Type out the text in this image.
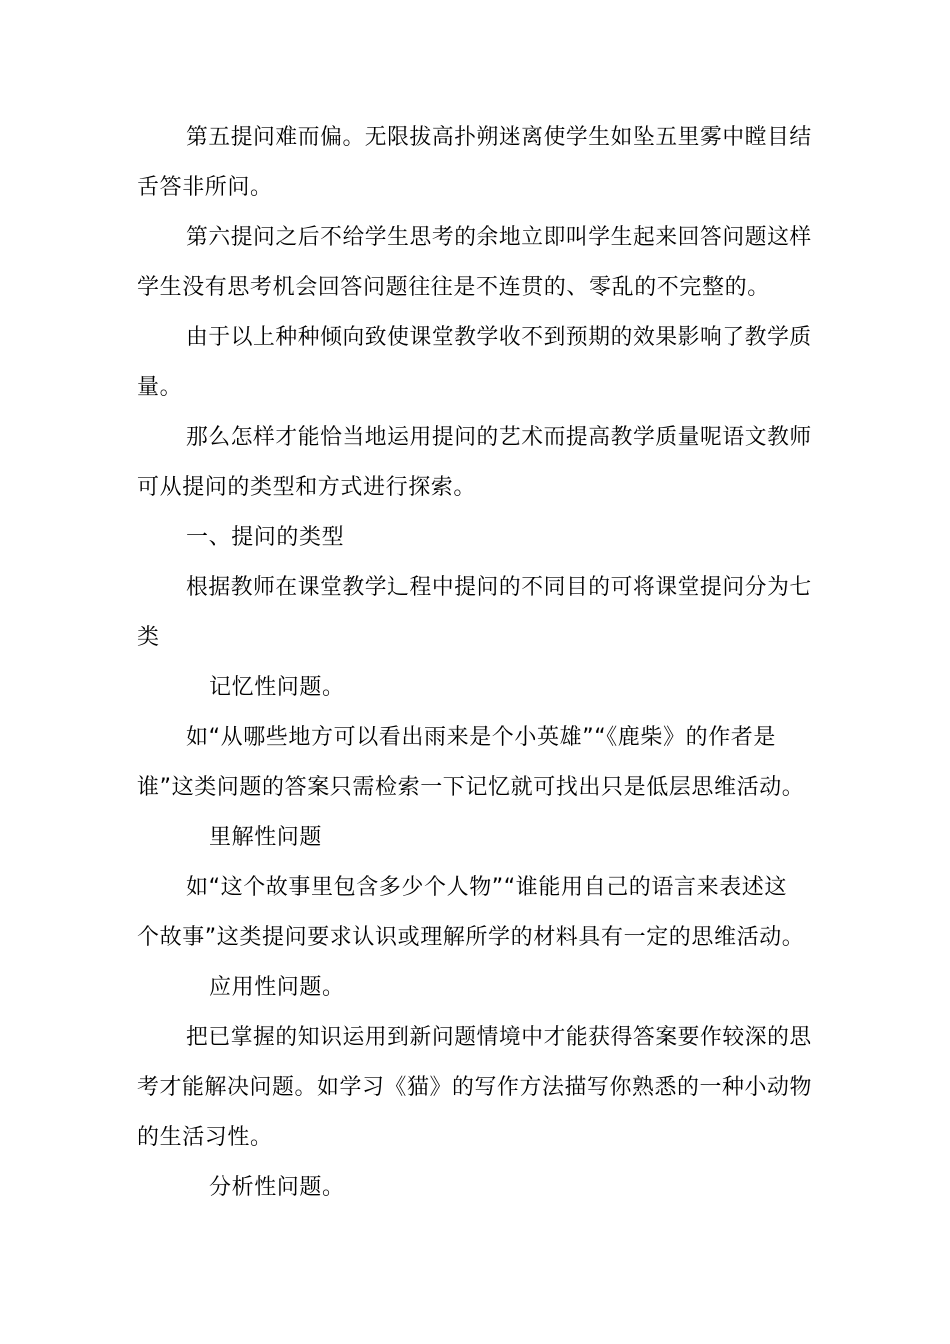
第五提问难而偏。无限拔高扑朔迷离使学生如坠五里雾中瞠目结
舌答非所问。
第六提问之后不给学生思考的余地立即叫学生起来回答问题这样
学生没有思考机会回答问题往往是不连贯的、零乱的不完整的。
由于以上种种倾向致使课堂教学收不到预期的效果影响了教学质
量。
那么怎样才能恰当地运用提问的艺术而提高教学质量呢语文教师
可从提问的类型和方式进行探索。
一、提问的类型
根据教师在课堂教学辶程中提问的不同目的可将课堂提问分为七
类
记忆性问题。
如“从哪些地方可以看出雨来是个小英雄”“《鹿柴》的作者是
谁”这类问题的答案只需检索一下记忆就可找出只是低层思维活动。
里解性问题
如“这个故事里包含多少个人物”“谁能用自己的语言来表述这
个故事”这类提问要求认识或理解所学的材料具有一定的思维活动。
应用性问题。
把已掌握的知识运用到新问题情境中才能获得答案要作较深的思
考才能解决问题。如学习《猫》的写作方法描写你熟悉的一种小动物
的生活习性。
分析性问题。
